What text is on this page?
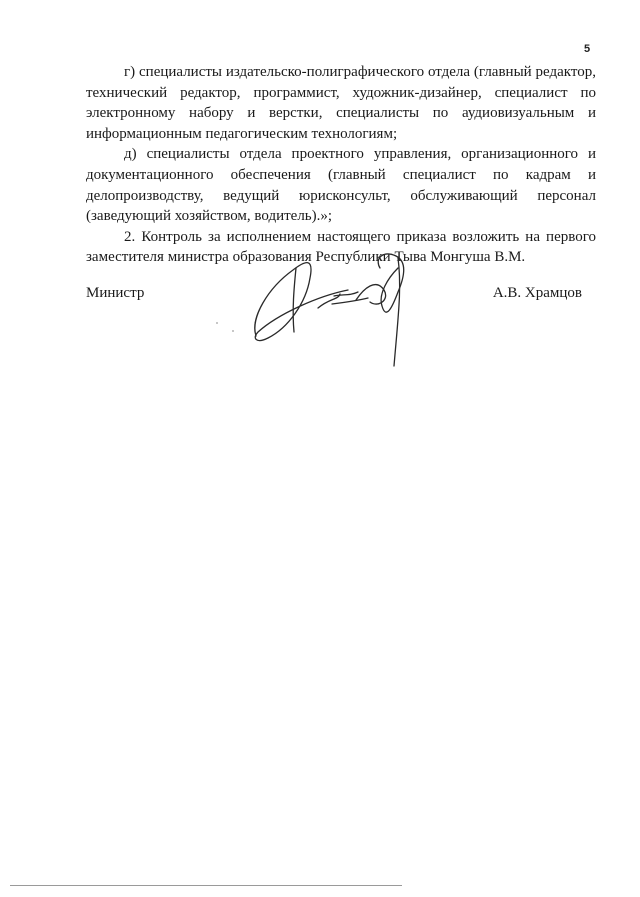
5

г) специалисты издательско-полиграфического отдела (главный редактор, технический редактор, программист, художник-дизайнер, специалист по электронному набору и верстки, специалисты по аудиовизуальным и информационным педагогическим технологиям;

д) специалисты отдела проектного управления, организационного и документационного обеспечения (главный специалист по кадрам и делопроизводству, ведущий юрисконсульт, обслуживающий персонал (заведующий хозяйством, водитель).»;

2. Контроль за исполнением настоящего приказа возложить на первого заместителя министра образования Республики Тыва Монгуша В.М.

Министр	А.В. Храмцов
